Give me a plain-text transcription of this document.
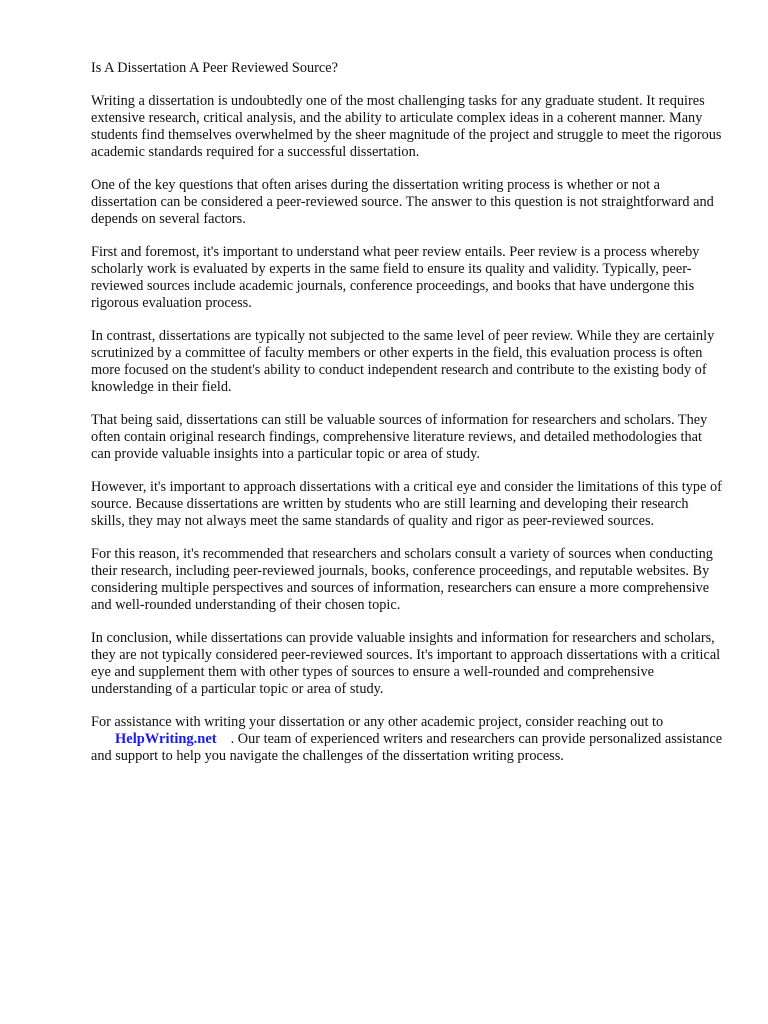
Is A Dissertation A Peer Reviewed Source?

Writing a dissertation is undoubtedly one of the most challenging tasks for any graduate student. It requires extensive research, critical analysis, and the ability to articulate complex ideas in a coherent manner. Many students find themselves overwhelmed by the sheer magnitude of the project and struggle to meet the rigorous academic standards required for a successful dissertation.

One of the key questions that often arises during the dissertation writing process is whether or not a dissertation can be considered a peer-reviewed source. The answer to this question is not straightforward and depends on several factors.

First and foremost, it's important to understand what peer review entails. Peer review is a process whereby scholarly work is evaluated by experts in the same field to ensure its quality and validity. Typically, peer-reviewed sources include academic journals, conference proceedings, and books that have undergone this rigorous evaluation process.

In contrast, dissertations are typically not subjected to the same level of peer review. While they are certainly scrutinized by a committee of faculty members or other experts in the field, this evaluation process is often more focused on the student's ability to conduct independent research and contribute to the existing body of knowledge in their field.

That being said, dissertations can still be valuable sources of information for researchers and scholars. They often contain original research findings, comprehensive literature reviews, and detailed methodologies that can provide valuable insights into a particular topic or area of study.

However, it's important to approach dissertations with a critical eye and consider the limitations of this type of source. Because dissertations are written by students who are still learning and developing their research skills, they may not always meet the same standards of quality and rigor as peer-reviewed sources.

For this reason, it's recommended that researchers and scholars consult a variety of sources when conducting their research, including peer-reviewed journals, books, conference proceedings, and reputable websites. By considering multiple perspectives and sources of information, researchers can ensure a more comprehensive and well-rounded understanding of their chosen topic.

In conclusion, while dissertations can provide valuable insights and information for researchers and scholars, they are not typically considered peer-reviewed sources. It's important to approach dissertations with a critical eye and supplement them with other types of sources to ensure a well-rounded and comprehensive understanding of a particular topic or area of study.

For assistance with writing your dissertation or any other academic project, consider reaching out to HelpWriting.net . Our team of experienced writers and researchers can provide personalized assistance and support to help you navigate the challenges of the dissertation writing process.
